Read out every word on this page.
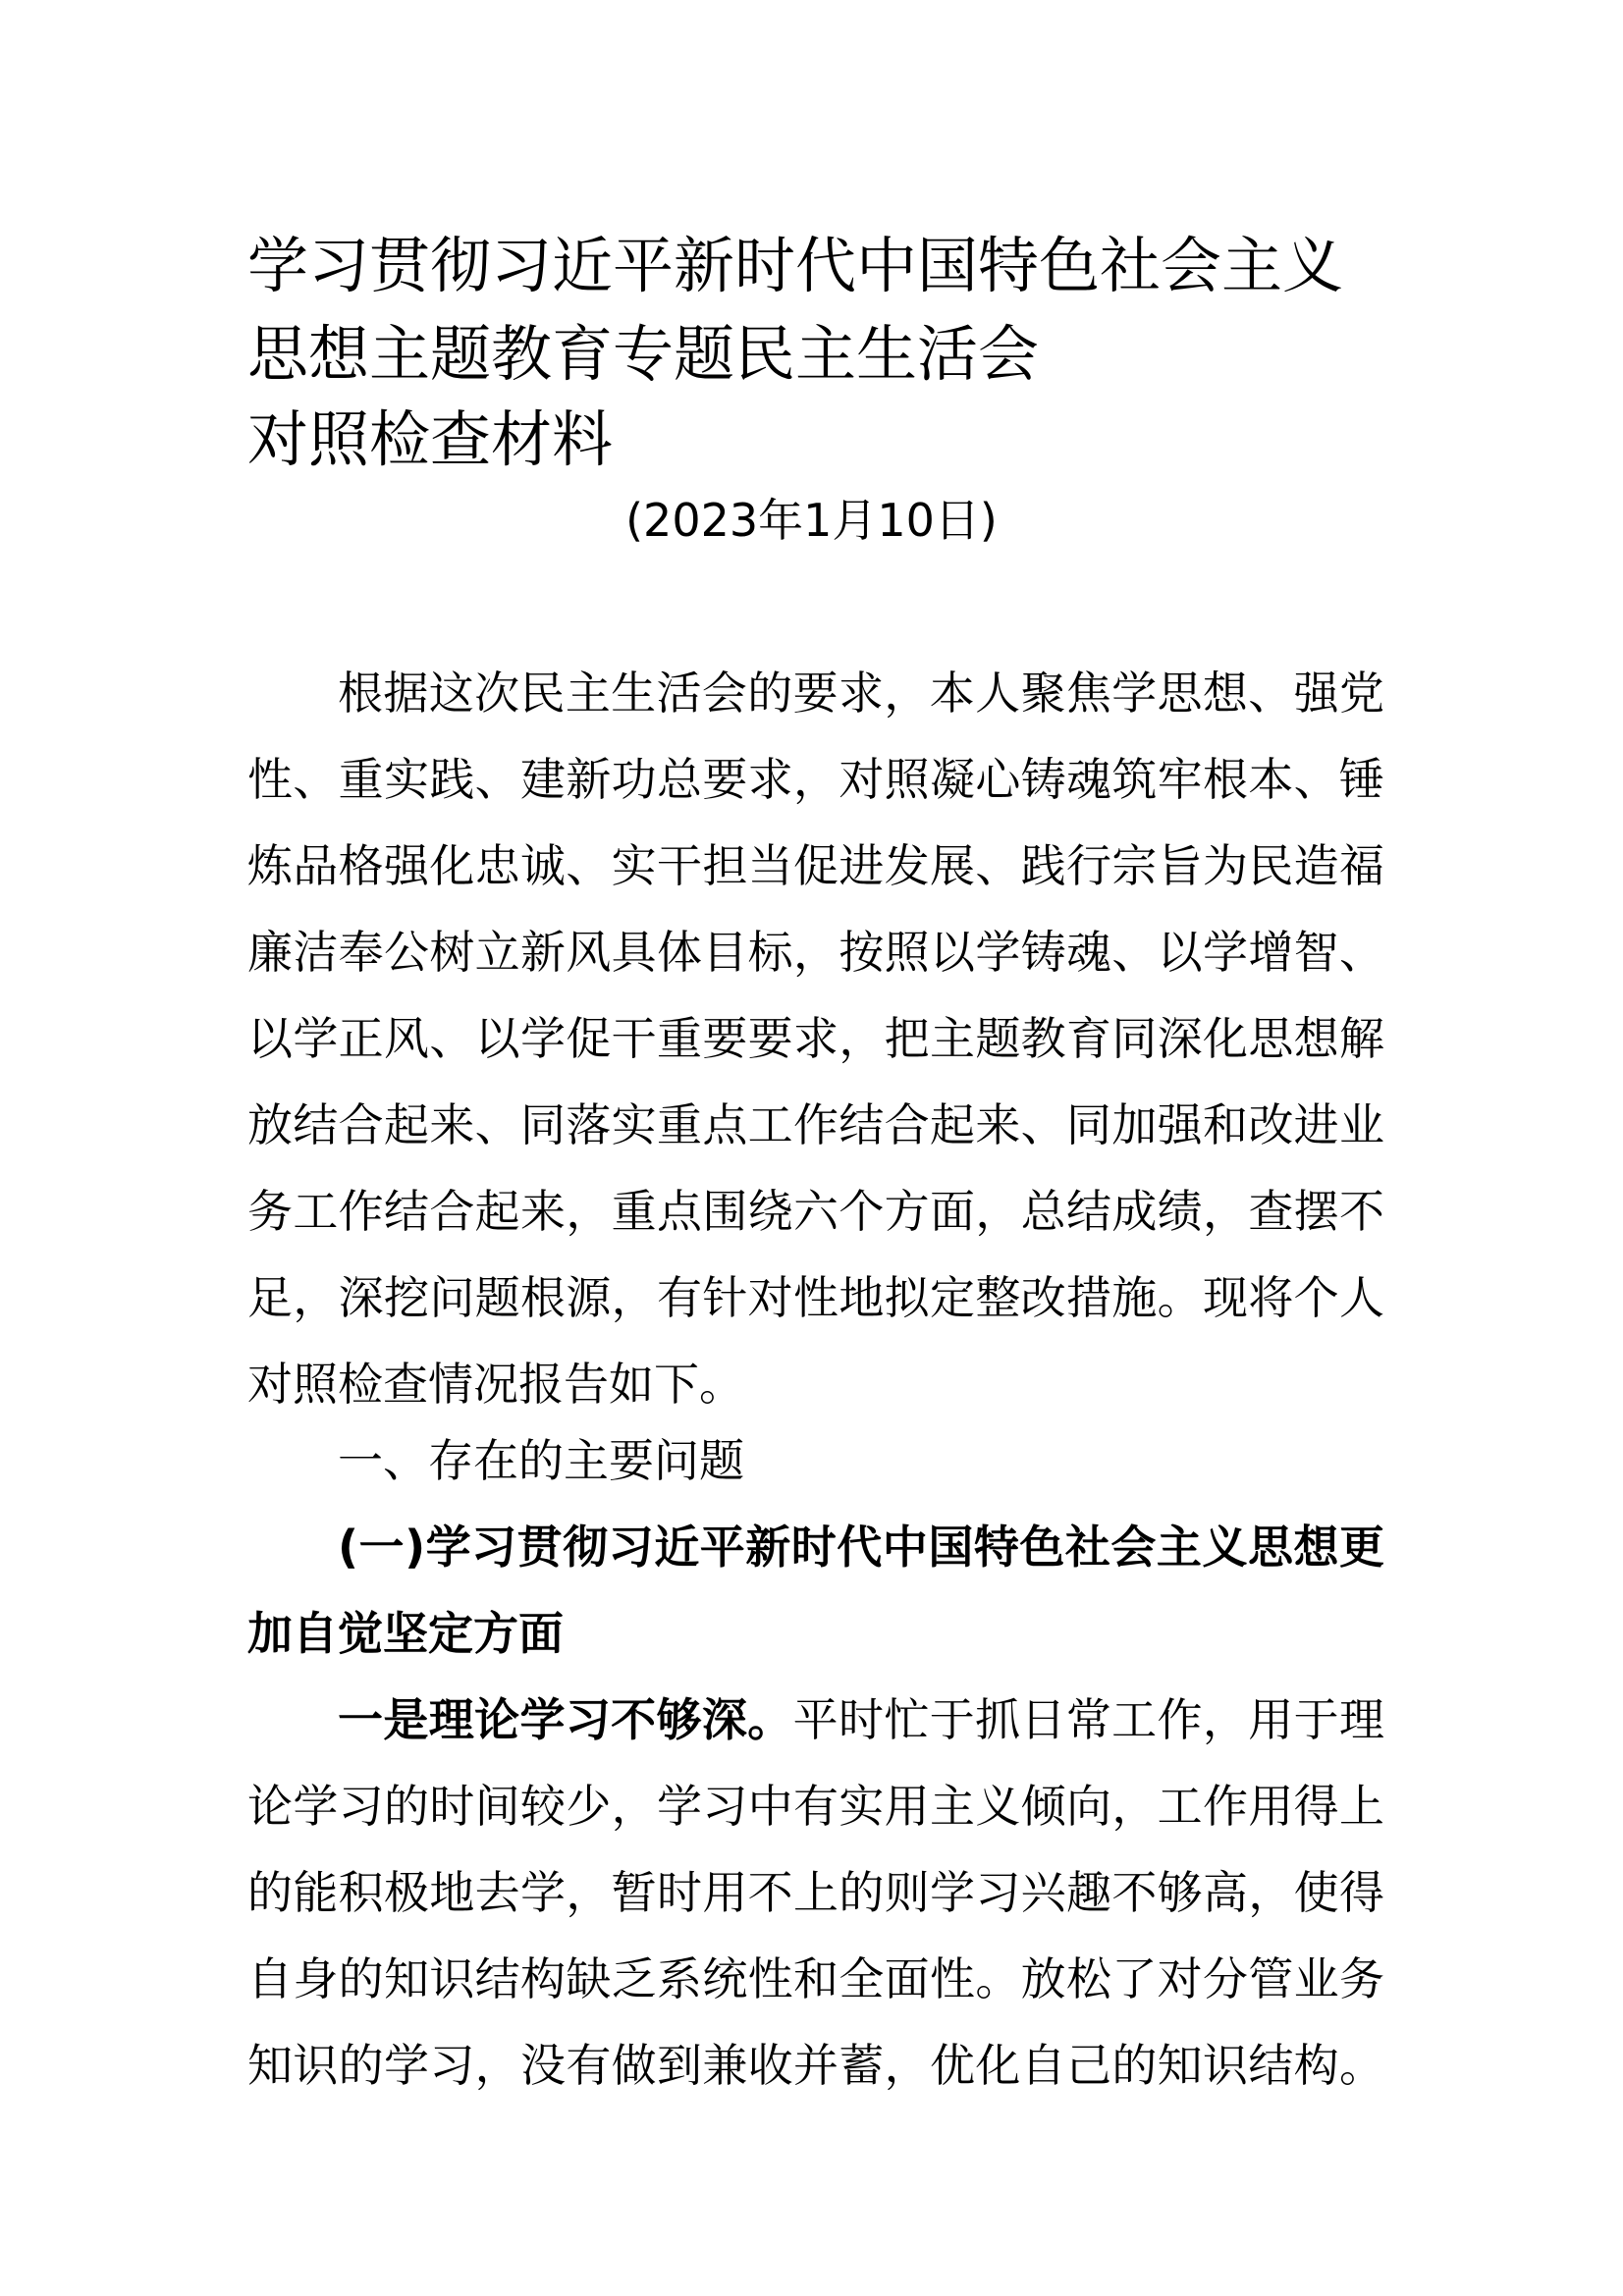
学习贯彻习近平新时代中国特色社会主义
思想主题教育专题民主生活会
对照检查材料
(2023年1月10日)
根据这次民主生活会的要求，本人聚焦学思想、强党
性、重实践、建新功总要求，对照凝心铸魂筑牢根本、锤
炼品格强化忠诚、实干担当促进发展、践行宗旨为民造福
廉洁奉公树立新风具体目标，按照以学铸魂、以学增智、
以学正风、以学促干重要要求，把主题教育同深化思想解
放结合起来、同落实重点工作结合起来、同加强和改进业
务工作结合起来，重点围绕六个方面，总结成绩，查摆不
足，深挖问题根源，有针对性地拟定整改措施。现将个人
对照检查情况报告如下。
一、存在的主要问题
(一)学习贯彻习近平新时代中国特色社会主义思想更
加自觉坚定方面
一是理论学习不够深。平时忙于抓日常工作，用于理
论学习的时间较少，学习中有实用主义倾向，工作用得上
的能积极地去学，暂时用不上的则学习兴趣不够高，使得
自身的知识结构缺乏系统性和全面性。放松了对分管业务
知识的学习，没有做到兼收并蓄，优化自己的知识结构。
